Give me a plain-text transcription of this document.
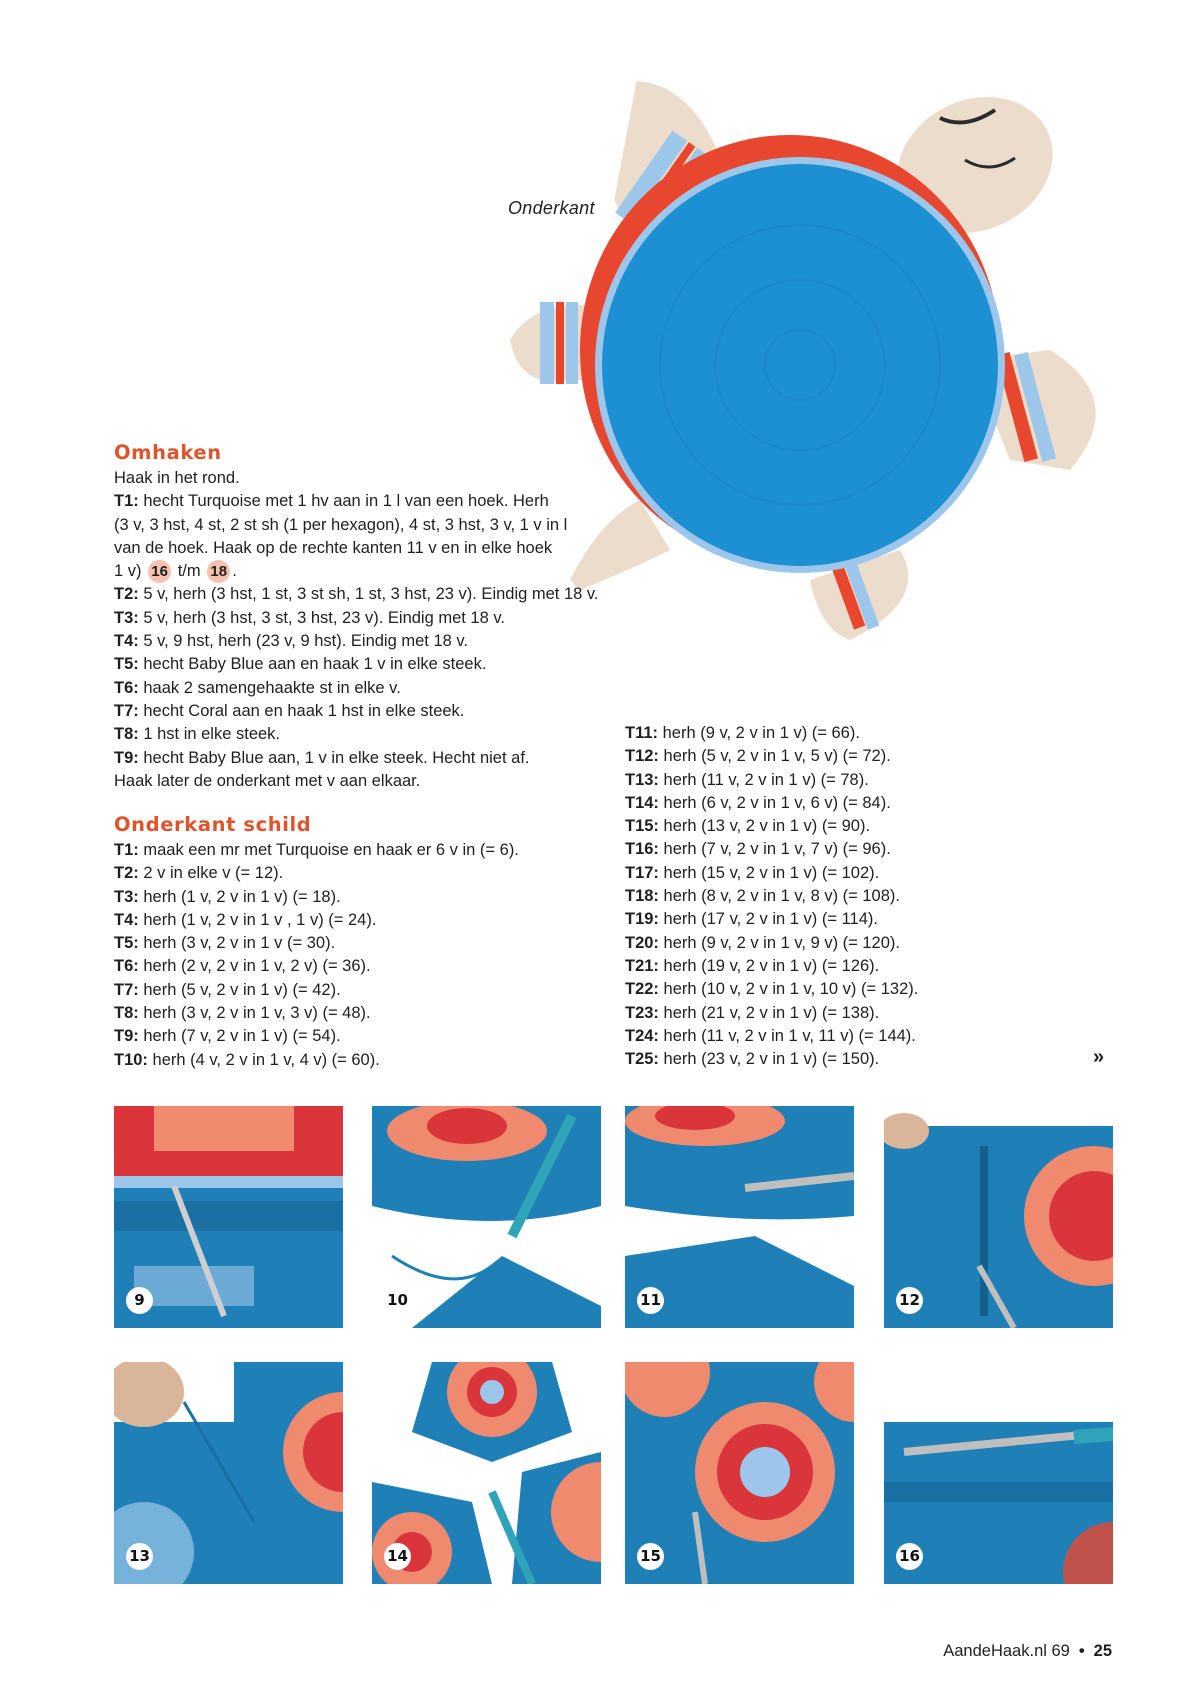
Onderkant
Omhaken
Haak in het rond.
T1: hecht Turquoise met 1 hv aan in 1 l van een hoek. Herh
(3 v, 3 hst, 4 st, 2 st sh (1 per hexagon), 4 st, 3 hst, 3 v, 1 v in l
van de hoek. Haak op de rechte kanten 11 v en in elke hoek
1 v) 16 t/m 18 .
T2: 5 v, herh (3 hst, 1 st, 3 st sh, 1 st, 3 hst, 23 v). Eindig met 18 v.
T3: 5 v, herh (3 hst, 3 st, 3 hst, 23 v). Eindig met 18 v.
T4: 5 v, 9 hst, herh (23 v, 9 hst). Eindig met 18 v.
T5: hecht Baby Blue aan en haak 1 v in elke steek.
T6: haak 2 samengehaakte st in elke v.
T7: hecht Coral aan en haak 1 hst in elke steek.
T8: 1 hst in elke steek.
T9: hecht Baby Blue aan, 1 v in elke steek. Hecht niet af.
Haak later de onderkant met v aan elkaar.
Onderkant schild
T1: maak een mr met Turquoise en haak er 6 v in (= 6).
T2: 2 v in elke v (= 12).
T3: herh (1 v, 2 v in 1 v) (= 18).
T4: herh (1 v, 2 v in 1 v , 1 v) (= 24).
T5: herh (3 v, 2 v in 1 v (= 30).
T6: herh (2 v, 2 v in 1 v, 2 v) (= 36).
T7: herh (5 v, 2 v in 1 v) (= 42).
T8: herh (3 v, 2 v in 1 v, 3 v) (= 48).
T9: herh (7 v, 2 v in 1 v) (= 54).
T10: herh (4 v, 2 v in 1 v, 4 v) (= 60).
T11: herh (9 v, 2 v in 1 v) (= 66).
T12: herh (5 v, 2 v in 1 v, 5 v) (= 72).
T13: herh (11 v, 2 v in 1 v) (= 78).
T14: herh (6 v, 2 v in 1 v, 6 v) (= 84).
T15: herh (13 v, 2 v in 1 v) (= 90).
T16: herh (7 v, 2 v in 1 v, 7 v) (= 96).
T17: herh (15 v, 2 v in 1 v) (= 102).
T18: herh (8 v, 2 v in 1 v, 8 v) (= 108).
T19: herh (17 v, 2 v in 1 v) (= 114).
T20: herh (9 v, 2 v in 1 v, 9 v) (= 120).
T21: herh (19 v, 2 v in 1 v) (= 126).
T22: herh (10 v, 2 v in 1 v, 10 v) (= 132).
T23: herh (21 v, 2 v in 1 v) (= 138).
T24: herh (11 v, 2 v in 1 v, 11 v) (= 144).
T25: herh (23 v, 2 v in 1 v) (= 150).	»
9	10	11	12
13	14	15	16
AandeHaak.nl 69 • 25
